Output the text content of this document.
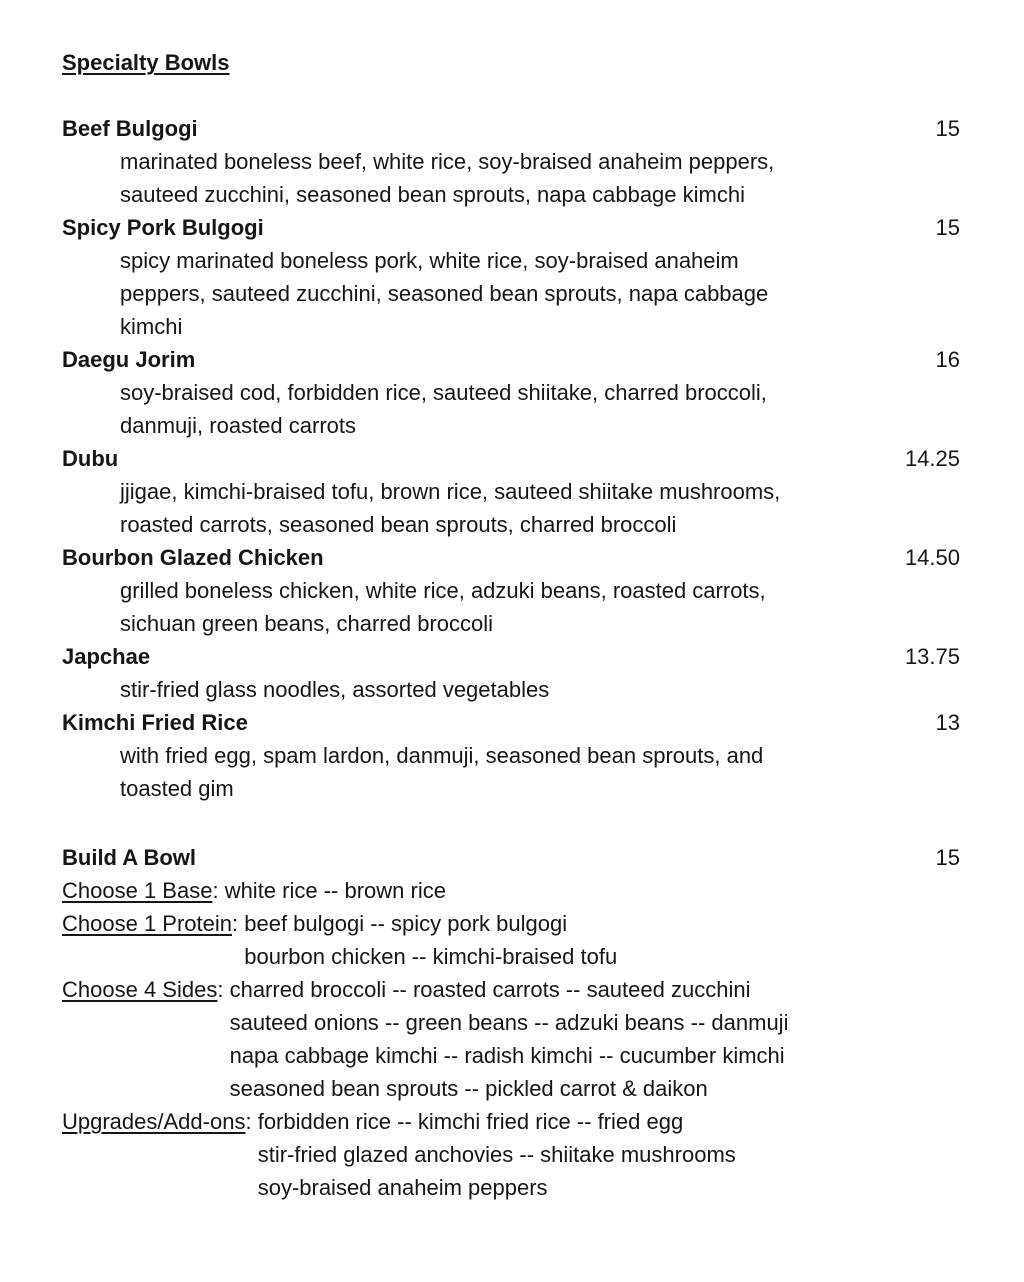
Specialty Bowls
Beef Bulgogi	15
marinated boneless beef, white rice, soy-braised anaheim peppers,
sauteed zucchini, seasoned bean sprouts, napa cabbage kimchi
Spicy Pork Bulgogi	15
spicy marinated boneless pork, white rice, soy-braised anaheim
peppers, sauteed zucchini, seasoned bean sprouts, napa cabbage
kimchi
Daegu Jorim	16
soy-braised cod, forbidden rice, sauteed shiitake, charred broccoli,
danmuji, roasted carrots
Dubu	14.25
jjigae, kimchi-braised tofu, brown rice, sauteed shiitake mushrooms,
roasted carrots, seasoned bean sprouts, charred broccoli
Bourbon Glazed Chicken	14.50
grilled boneless chicken, white rice, adzuki beans, roasted carrots,
sichuan green beans, charred broccoli
Japchae	13.75
stir-fried glass noodles, assorted vegetables
Kimchi Fried Rice	13
with fried egg, spam lardon, danmuji, seasoned bean sprouts, and
toasted gim
Build A Bowl	15
Choose 1 Base: white rice -- brown rice
Choose 1 Protein: beef bulgogi -- spicy pork bulgogi
bourbon chicken -- kimchi-braised tofu
Choose 4 Sides: charred broccoli -- roasted carrots -- sauteed zucchini
sauteed onions -- green beans -- adzuki beans -- danmuji
napa cabbage kimchi -- radish kimchi -- cucumber kimchi
seasoned bean sprouts -- pickled carrot & daikon
Upgrades/Add-ons: forbidden rice -- kimchi fried rice -- fried egg
stir-fried glazed anchovies -- shiitake mushrooms
soy-braised anaheim peppers
